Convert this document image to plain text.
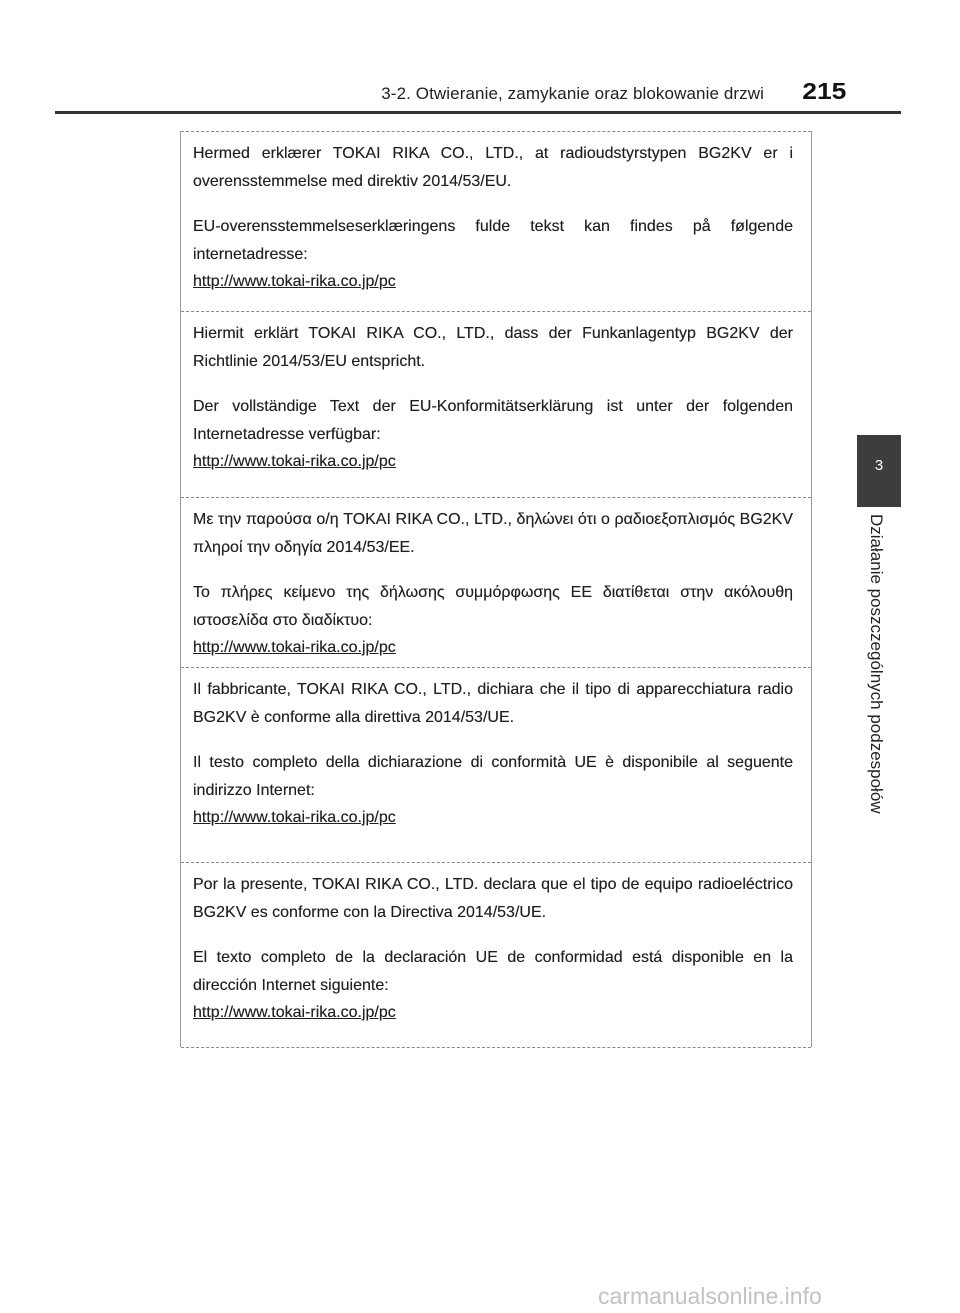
3-2. Otwieranie, zamykanie oraz blokowanie drzwi 215
3
Działanie poszczególnych podzespołów

Hermed erklærer TOKAI RIKA CO., LTD., at radioudstyrstypen BG2KV er i overensstemmelse med direktiv 2014/53/EU.

EU-overensstemmelseserklæringens fulde tekst kan findes på følgende internetadresse:

http://www.tokai-rika.co.jp/pc

Hiermit erklärt TOKAI RIKA CO., LTD., dass der Funkanlagentyp BG2KV der Richtlinie 2014/53/EU entspricht.

Der vollständige Text der EU-Konformitätserklärung ist unter der folgenden Internetadresse verfügbar:

http://www.tokai-rika.co.jp/pc

Με την παρούσα ο/η TOKAI RIKA CO., LTD., δηλώνει ότι ο ραδιοεξοπλισμός BG2KV πληροί την οδηγία 2014/53/ΕΕ.

Το πλήρες κείμενο της δήλωσης συμμόρφωσης ΕΕ διατίθεται στην ακόλουθη ιστοσελίδα στο διαδίκτυο:

http://www.tokai-rika.co.jp/pc

Il fabbricante, TOKAI RIKA CO., LTD., dichiara che il tipo di apparecchiatura radio BG2KV è conforme alla direttiva 2014/53/UE.

Il testo completo della dichiarazione di conformità UE è disponibile al seguente indirizzo Internet:

http://www.tokai-rika.co.jp/pc

Por la presente, TOKAI RIKA CO., LTD. declara que el tipo de equipo radioeléctrico BG2KV es conforme con la Directiva 2014/53/UE.

El texto completo de la declaración UE de conformidad está disponible en la dirección Internet siguiente:

http://www.tokai-rika.co.jp/pc
carmanualsonline.info
